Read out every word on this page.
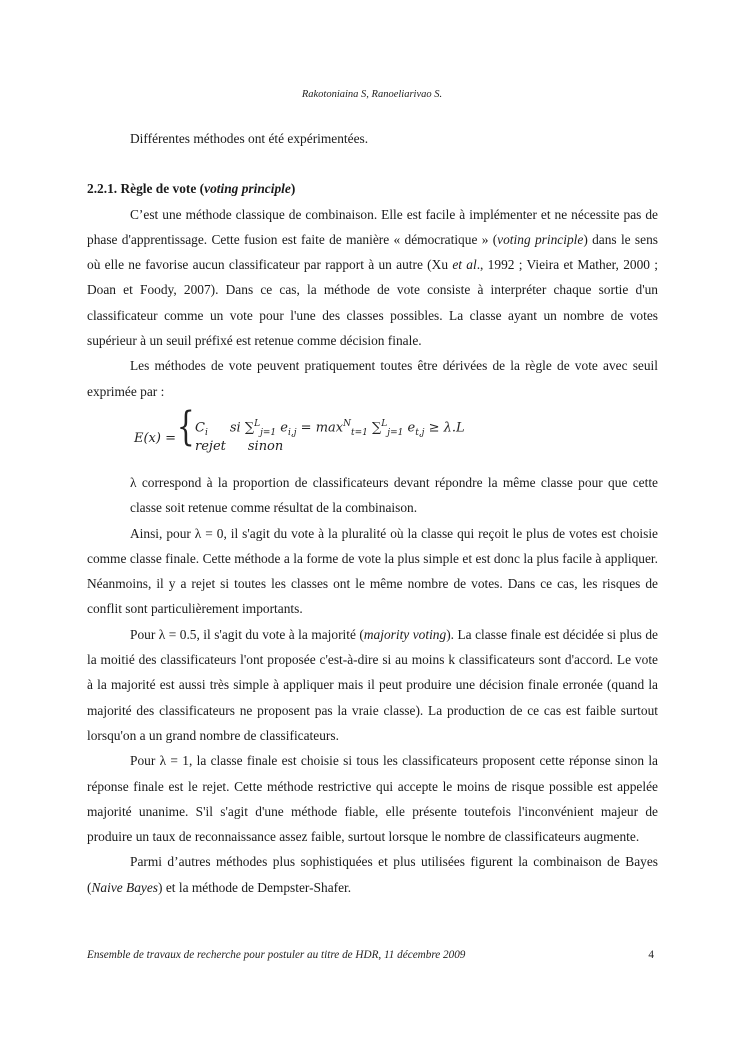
Rakotoniaina S, Ranoeliarivao S.

Différentes méthodes ont été expérimentées.

2.2.1. Règle de vote (voting principle)

C’est une méthode classique de combinaison. Elle est facile à implémenter et ne nécessite pas de phase d'apprentissage. Cette fusion est faite de manière « démocratique » (voting principle) dans le sens où elle ne favorise aucun classificateur par rapport à un autre (Xu et al., 1992 ; Vieira et Mather, 2000 ; Doan et Foody, 2007). Dans ce cas, la méthode de vote consiste à interpréter chaque sortie d'un classificateur comme un vote pour l'une des classes possibles. La classe ayant un nombre de votes supérieur à un seuil préfixé est retenue comme décision finale.

Les méthodes de vote peuvent pratiquement toutes être dérivées de la règle de vote avec seuil exprimée par :

E(x) = { $C_i$ si ∑$^L_{j=1}$ $e_{i,j} = \max^N_{t=1} \sum^L_{j=1}$ $e_{t,j} \ge \lambda.L$
rejet sinon

λ correspond à la proportion de classificateurs devant répondre la même classe pour que cette classe soit retenue comme résultat de la combinaison.

Ainsi, pour λ = 0, il s'agit du vote à la pluralité où la classe qui reçoit le plus de votes est choisie comme classe finale. Cette méthode a la forme de vote la plus simple et est donc la plus facile à appliquer. Néanmoins, il y a rejet si toutes les classes ont le même nombre de votes. Dans ce cas, les risques de conflit sont particulièrement importants.

Pour λ = 0.5, il s'agit du vote à la majorité (majority voting). La classe finale est décidée si plus de la moitié des classificateurs l'ont proposée c'est-à-dire si au moins k classificateurs sont d'accord. Le vote à la majorité est aussi très simple à appliquer mais il peut produire une décision finale erronée (quand la majorité des classificateurs ne proposent pas la vraie classe). La production de ce cas est faible surtout lorsqu'on a un grand nombre de classificateurs.

Pour λ = 1, la classe finale est choisie si tous les classificateurs proposent cette réponse sinon la réponse finale est le rejet. Cette méthode restrictive qui accepte le moins de risque possible est appelée majorité unanime. S'il s'agit d'une méthode fiable, elle présente toutefois l'inconvénient majeur de produire un taux de reconnaissance assez faible, surtout lorsque le nombre de classificateurs augmente.

Parmi d’autres méthodes plus sophistiquées et plus utilisées figurent la combinaison de Bayes (Naive Bayes) et la méthode de Dempster-Shafer.

Ensemble de travaux de recherche pour postuler au titre de HDR, 11 décembre 2009	4
